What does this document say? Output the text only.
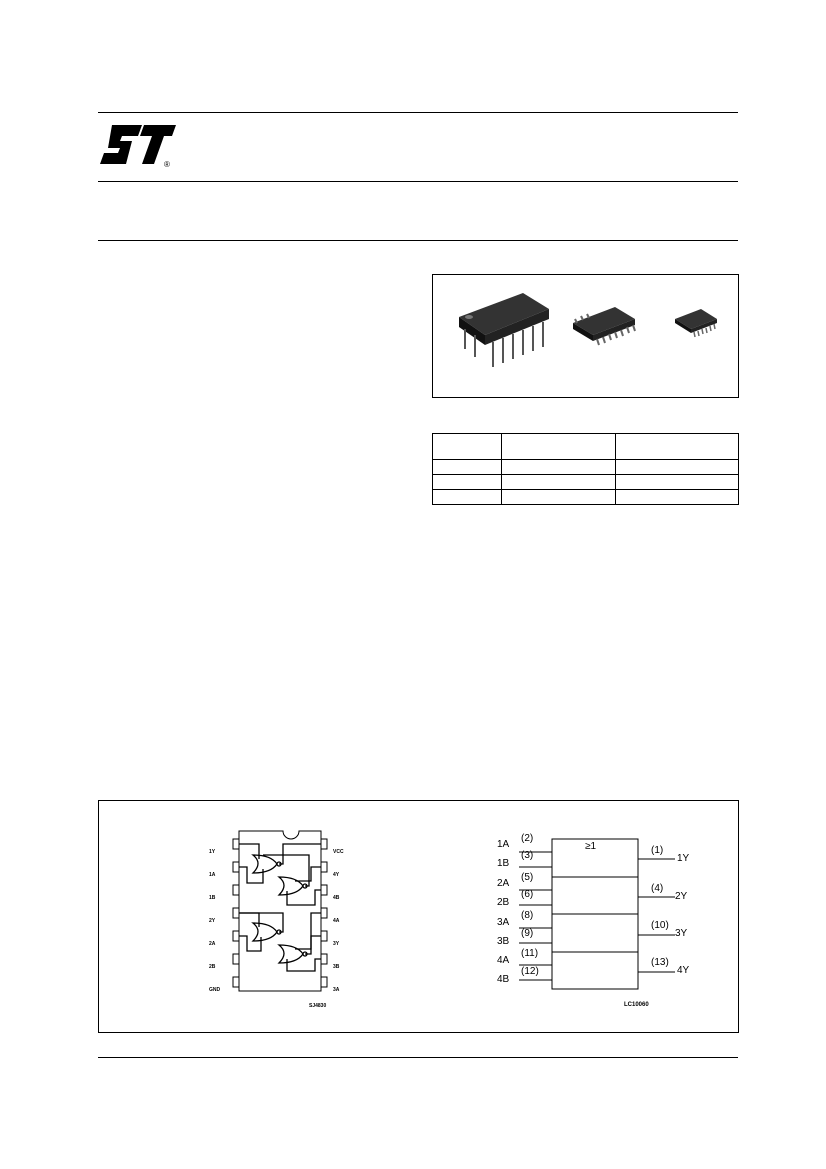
®

1Y
1A
1B
2Y
2A
2B
GND
VCC
4Y
4B
4A
3Y
3B
3A
SJ4830
≥1
1A
(2)
1B
(3)
2A
(5)
2B
(6)
3A
(8)
3B
(9)
4A
(11)
4B
(12)
(1)
1Y
(4)
2Y
(10)
3Y
(13)
4Y
LC10060
